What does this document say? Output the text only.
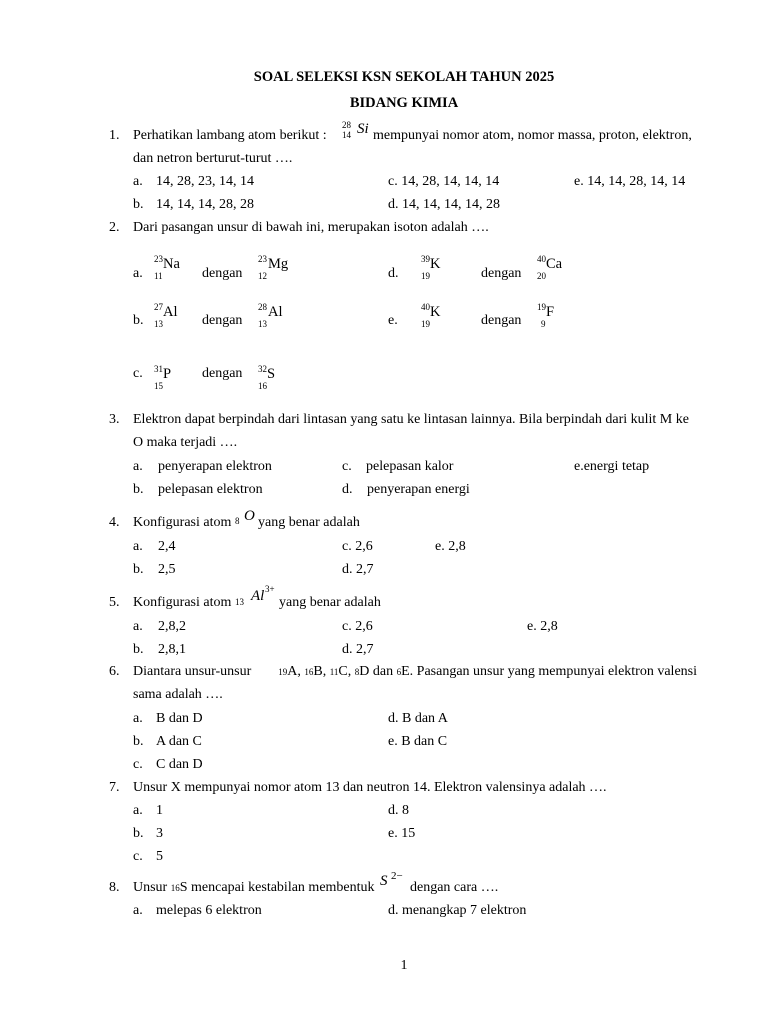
SOAL SELEKSI KSN SEKOLAH TAHUN 2025
BIDANG KIMIA
1. Perhatikan lambang atom berikut :
28
14 Si mempunyai nomor atom, nomor massa, proton, elektron,
dan netron berturut-turut ….
a. 14, 28, 23, 14, 14
b. 14, 14, 14, 28, 28
c. 14, 28, 14, 14, 14
d. 14, 14, 14, 14, 28
e. 14, 14, 28, 14, 14
2. Dari pasangan unsur di bawah ini, merupakan isoton adalah ….
a.
23
11
Na
dengan
23
12
Mg
d.
39
19
K
dengan
40
20
Ca
b.
27
13
Al
dengan
28
13
Al
e.
40
19
K
dengan
19
9
F
c. 31
15
P dengan 32
16
S
3. Elektron dapat berpindah dari lintasan yang satu ke lintasan lainnya. Bila berpindah dari kulit M ke
O maka terjadi ….
a. penyerapan elektron
b. pelepasan elektron
c. pelepasan kalor
d. penyerapan energi
e.energi tetap
4. Konfigurasi atom 8 O yang benar adalah
a. 2,4
b. 2,5
c. 2,6
d. 2,7
e. 2,8
5. Konfigurasi atom 13 Al 3+
yang benar adalah
a. 2,8,2
b. 2,8,1
c. 2,6
d. 2,7
e. 2,8
6. Diantara unsur-unsur	19A, 16B, 11C, 8D dan 6E. Pasangan unsur yang mempunyai elektron valensi
sama adalah ….
a. B dan D
b. A dan C
c. C dan D
d. B dan A
e. B dan C
7. Unsur X mempunyai nomor atom 13 dan neutron 14. Elektron valensinya adalah ….
a. 1
b. 3
c. 5
d. 8
e. 15
8. Unsur 16S mencapai kestabilan membentuk S 2−
dengan cara ….
a. melepas 6 elektron	d. menangkap 7 elektron
1
